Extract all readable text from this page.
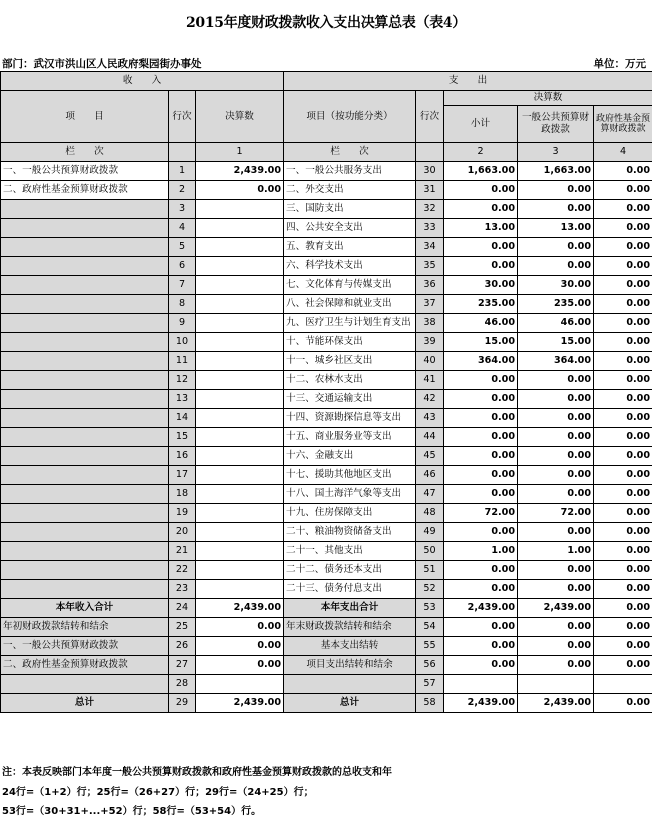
2015年度财政拨款收入支出决算总表（表4）
部门：武汉市洪山区人民政府梨园街办事处	单位：万元
收　　入			支　　出				
项　　目	行次	决算数	项目（按功能分类）	行次	决算数		
					小计	一般公共预算财政拨款	政府性基金预算财政拨款
栏　　次		1	栏　　次		2	3	4
一、一般公共预算财政拨款	1	2,439.00	一、一般公共服务支出	30	1,663.00	1,663.00	0.00
二、政府性基金预算财政拨款	2	0.00	二、外交支出	31	0.00	0.00	0.00
	3		三、国防支出	32	0.00	0.00	0.00
	4		四、公共安全支出	33	13.00	13.00	0.00
	5		五、教育支出	34	0.00	0.00	0.00
	6		六、科学技术支出	35	0.00	0.00	0.00
	7		七、文化体育与传媒支出	36	30.00	30.00	0.00
	8		八、社会保障和就业支出	37	235.00	235.00	0.00
	9		九、医疗卫生与计划生育支出	38	46.00	46.00	0.00
	10		十、节能环保支出	39	15.00	15.00	0.00
	11		十一、城乡社区支出	40	364.00	364.00	0.00
	12		十二、农林水支出	41	0.00	0.00	0.00
	13		十三、交通运输支出	42	0.00	0.00	0.00
	14		十四、资源勘探信息等支出	43	0.00	0.00	0.00
	15		十五、商业服务业等支出	44	0.00	0.00	0.00
	16		十六、金融支出	45	0.00	0.00	0.00
	17		十七、援助其他地区支出	46	0.00	0.00	0.00
	18		十八、国土海洋气象等支出	47	0.00	0.00	0.00
	19		十九、住房保障支出	48	72.00	72.00	0.00
	20		二十、粮油物资储备支出	49	0.00	0.00	0.00
	21		二十一、其他支出	50	1.00	1.00	0.00
	22		二十二、债务还本支出	51	0.00	0.00	0.00
	23		二十三、债务付息支出	52	0.00	0.00	0.00
本年收入合计	24	2,439.00	本年支出合计	53	2,439.00	2,439.00	0.00
年初财政拨款结转和结余	25	0.00	年末财政拨款结转和结余	54	0.00	0.00	0.00
一、一般公共预算财政拨款	26	0.00	基本支出结转	55	0.00	0.00	0.00
二、政府性基金预算财政拨款	27	0.00	项目支出结转和结余	56	0.00	0.00	0.00
	28			57			
总计	29	2,439.00	总计	58	2,439.00	2,439.00	0.00
注：本表反映部门本年度一般公共预算财政拨款和政府性基金预算财政拨款的总收支和年
24行=（1+2）行；25行=（26+27）行；29行=（24+25）行；
53行=（30+31+...+52）行；58行=（53+54）行。
